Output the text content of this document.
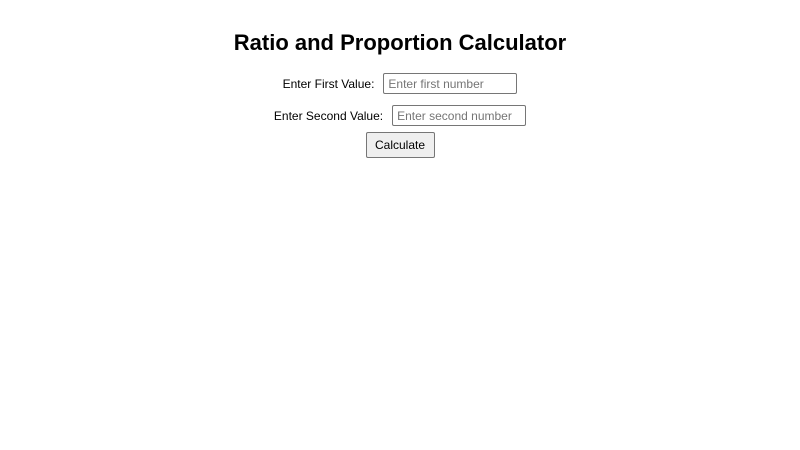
Ratio and Proportion Calculator
Enter First Value:
Enter first number
Enter Second Value:
Enter second number
Calculate
